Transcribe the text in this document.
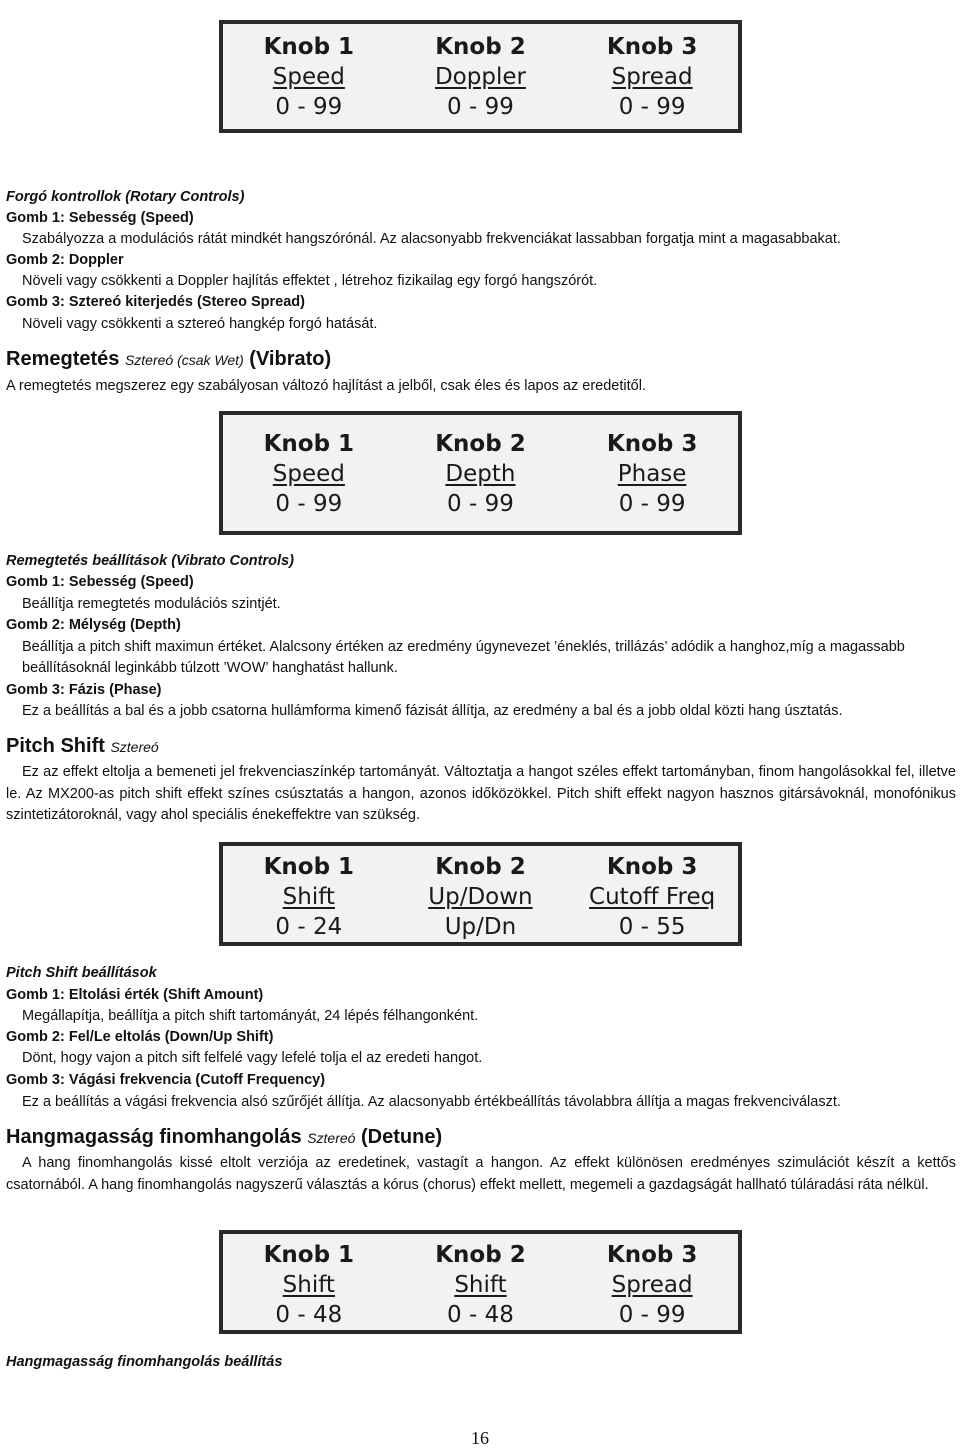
Knob 1
Speed
0 - 99
Knob 2
Doppler
0 - 99
Knob 3
Spread
0 - 99
Forgó kontrollok (Rotary Controls)
Gomb 1: Sebesség (Speed)
Szabályozza a modulációs rátát mindkét hangszórónál. Az alacsonyabb frekvenciákat lassabban forgatja mint a magasabbakat.
Gomb 2: Doppler
Növeli vagy csökkenti a Doppler hajlítás effektet , létrehoz fizikailag egy forgó hangszórót.
Gomb 3: Sztereó kiterjedés (Stereo Spread)
Növeli vagy csökkenti a sztereó hangkép forgó hatását.
Remegtetés Sztereó (csak Wet) (Vibrato)
A remegtetés megszerez egy szabályosan változó hajlítást a jelből, csak éles és lapos az eredetitől.
Knob 1
Speed
0 - 99
Knob 2
Depth
0 - 99
Knob 3
Phase
0 - 99
Remegtetés beállítások (Vibrato Controls)
Gomb 1: Sebesség (Speed)
Beállítja remegtetés modulációs szintjét.
Gomb 2: Mélység (Depth)
Beállítja a pitch shift maximun értéket. Alalcsony értéken az eredmény úgynevezet ’éneklés, trillázás’ adódik a hanghoz,míg a magassabb
beállításoknál leginkább túlzott ’WOW’ hanghatást hallunk.
Gomb 3: Fázis (Phase)
Ez a beállítás a bal és a jobb csatorna hullámforma kimenő fázisát állítja, az eredmény a bal és a jobb oldal közti hang úsztatás.
Pitch Shift Sztereó
Ez az effekt eltolja a bemeneti jel frekvenciaszínkép tartományát. Változtatja a hangot széles effekt tartományban, finom hangolásokkal fel, illetve le. Az MX200-as pitch shift effekt színes csúsztatás a hangon, azonos időközökkel. Pitch shift effekt nagyon hasznos gitársávoknál, monofónikus szintetizátoroknál, vagy ahol speciális énekeffektre van szükség.
Knob 1
Shift
0 - 24
Knob 2
Up/Down
Up/Dn
Knob 3
Cutoff Freq
0 - 55
Pitch Shift beállítások
Gomb 1: Eltolási érték (Shift Amount)
Megállapítja, beállítja a pitch shift tartományát, 24 lépés félhangonként.
Gomb 2: Fel/Le eltolás (Down/Up Shift)
Dönt, hogy vajon a pitch sift felfelé vagy lefelé tolja el az eredeti hangot.
Gomb 3: Vágási frekvencia (Cutoff Frequency)
Ez a beállítás a vágási frekvencia alsó szűrőjét állítja. Az alacsonyabb értékbeállítás távolabbra állítja a magas frekvenciválaszt.
Hangmagasság finomhangolás Sztereó (Detune)
A hang finomhangolás kissé eltolt verziója az eredetinek, vastagít a hangon. Az effekt különösen eredményes szimulációt készít a kettős csatornából. A hang finomhangolás nagyszerű választás a kórus (chorus) effekt mellett, megemeli a gazdagságát hallható túláradási ráta nélkül.
Knob 1
Shift
0 - 48
Knob 2
Shift
0 - 48
Knob 3
Spread
0 - 99
Hangmagasság finomhangolás beállítás
16
